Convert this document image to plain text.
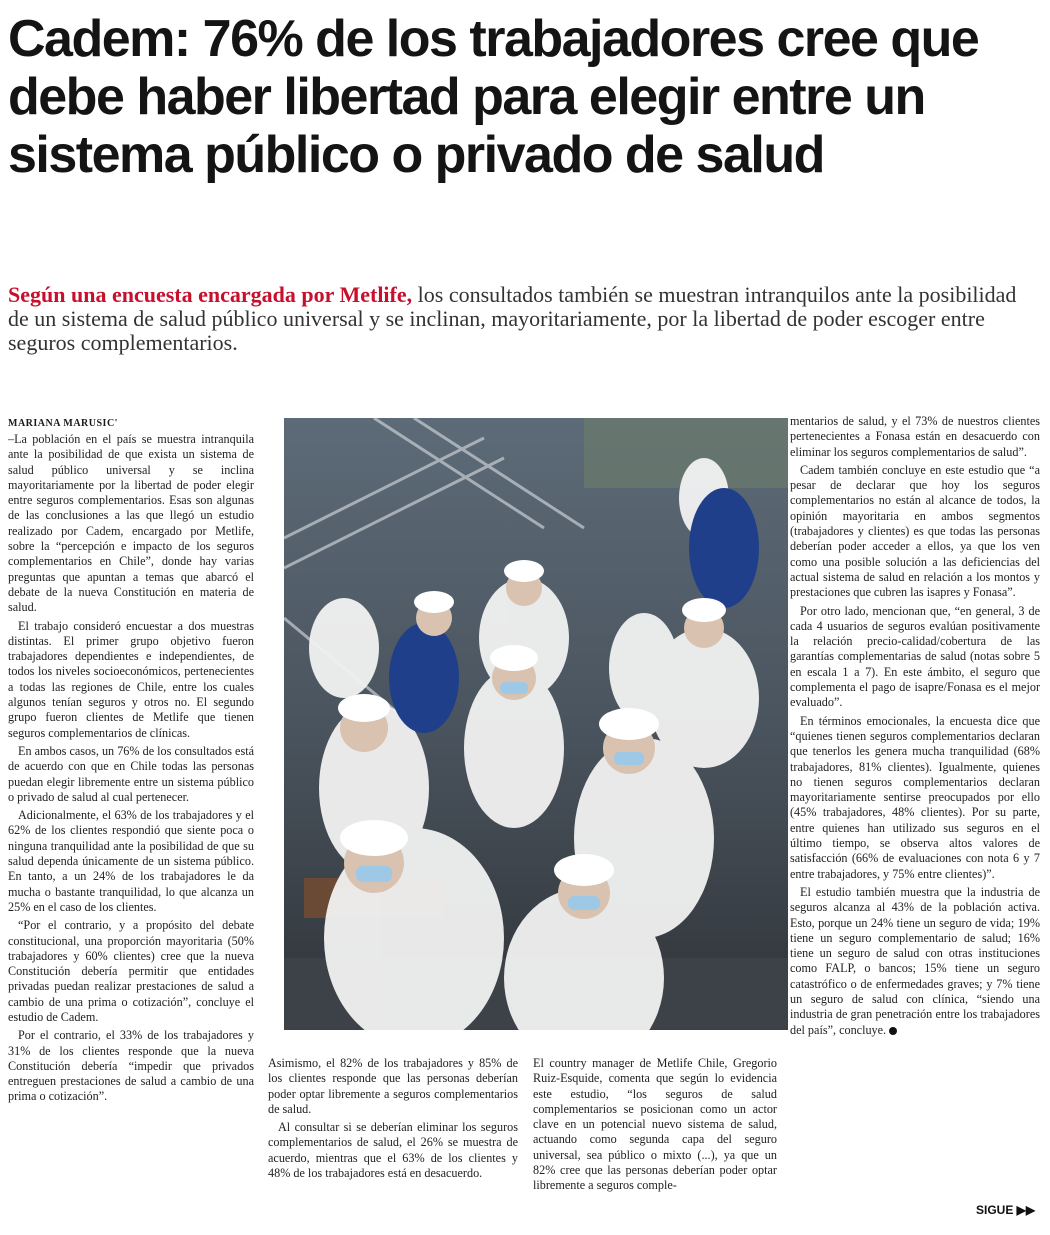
Cadem: 76% de los trabajadores cree que debe haber libertad para elegir entre un sistema público o privado de salud

Según una encuesta encargada por Metlife, los consultados también se muestran intranquilos ante la posibilidad de un sistema de salud público universal y se inclinan, mayoritariamente, por la libertad de poder escoger entre seguros complementarios.

MARIANA MARUSIC'

–La población en el país se muestra intranquila ante la posibilidad de que exista un sistema de salud público universal y se inclina mayoritariamente por la libertad de poder elegir entre seguros complementarios. Esas son algunas de las conclusiones a las que llegó un estudio realizado por Cadem, encargado por Metlife, sobre la “percepción e impacto de los seguros complementarios en Chile”, donde hay varias preguntas que apuntan a temas que abarcó el debate de la nueva Constitución en materia de salud.

El trabajo consideró encuestar a dos muestras distintas. El primer grupo objetivo fueron trabajadores dependientes e independientes, de todos los niveles socioeconómicos, pertenecientes a todas las regiones de Chile, entre los cuales algunos tenían seguros y otros no. El segundo grupo fueron clientes de Metlife que tienen seguros complementarios de clínicas.

En ambos casos, un 76% de los consultados está de acuerdo con que en Chile todas las personas puedan elegir libremente entre un sistema público o privado de salud al cual pertenecer.

Adicionalmente, el 63% de los trabajadores y el 62% de los clientes respondió que siente poca o ninguna tranquilidad ante la posibilidad de que su salud dependa únicamente de un sistema público. En tanto, a un 24% de los trabajadores le da mucha o bastante tranquilidad, lo que alcanza un 25% en el caso de los clientes.

“Por el contrario, y a propósito del debate constitucional, una proporción mayoritaria (50% trabajadores y 60% clientes) cree que la nueva Constitución debería permitir que entidades privadas puedan realizar prestaciones de salud a cambio de una prima o cotización”, concluye el estudio de Cadem.

Por el contrario, el 33% de los trabajadores y 31% de los clientes responde que la nueva Constitución debería “impedir que privados entreguen prestaciones de salud a cambio de una prima o cotización”.

Asimismo, el 82% de los trabajadores y 85% de los clientes responde que las personas deberían poder optar libremente a seguros complementarios de salud.

Al consultar si se deberían eliminar los seguros complementarios de salud, el 26% se muestra de acuerdo, mientras que el 63% de los clientes y 48% de los trabajadores está en desacuerdo.

El country manager de Metlife Chile, Gregorio Ruiz-Esquide, comenta que según lo evidencia este estudio, “los seguros de salud complementarios se posicionan como un actor clave en un potencial nuevo sistema de salud, actuando como segunda capa del seguro universal, sea público o mixto (...), ya que un 82% cree que las personas deberían poder optar libremente a seguros comple-

mentarios de salud, y el 73% de nuestros clientes pertenecientes a Fonasa están en desacuerdo con eliminar los seguros complementarios de salud”.

Cadem también concluye en este estudio que “a pesar de declarar que hoy los seguros complementarios no están al alcance de todos, la opinión mayoritaria en ambos segmentos (trabajadores y clientes) es que todas las personas deberían poder acceder a ellos, ya que los ven como una posible solución a las deficiencias del actual sistema de salud en relación a los montos y prestaciones que cubren las isapres y Fonasa”.

Por otro lado, mencionan que, “en general, 3 de cada 4 usuarios de seguros evalúan positivamente la relación precio-calidad/cobertura de las garantías complementarias de salud (notas sobre 5 en escala 1 a 7). En este ámbito, el seguro que complementa el pago de isapre/Fonasa es el mejor evaluado”.

En términos emocionales, la encuesta dice que “quienes tienen seguros complementarios declaran que tenerlos les genera mucha tranquilidad (68% trabajadores, 81% clientes). Igualmente, quienes no tienen seguros complementarios declaran mayoritariamente sentirse preocupados por ello (45% trabajadores, 48% clientes). Por su parte, entre quienes han utilizado sus seguros en el último tiempo, se observa altos valores de satisfacción (66% de evaluaciones con nota 6 y 7 entre trabajadores, y 75% entre clientes)”.

El estudio también muestra que la industria de seguros alcanza al 43% de la población activa. Esto, porque un 24% tiene un seguro de vida; 19% tiene un seguro complementario de salud; 16% tiene un seguro de salud con otras instituciones como FALP, o bancos; 15% tiene un seguro catastrófico o de enfermedades graves; y 7% tiene un seguro de salud con clínica, “siendo una industria de gran penetración entre los trabajadores del país”, concluye.

SIGUE ▶▶
